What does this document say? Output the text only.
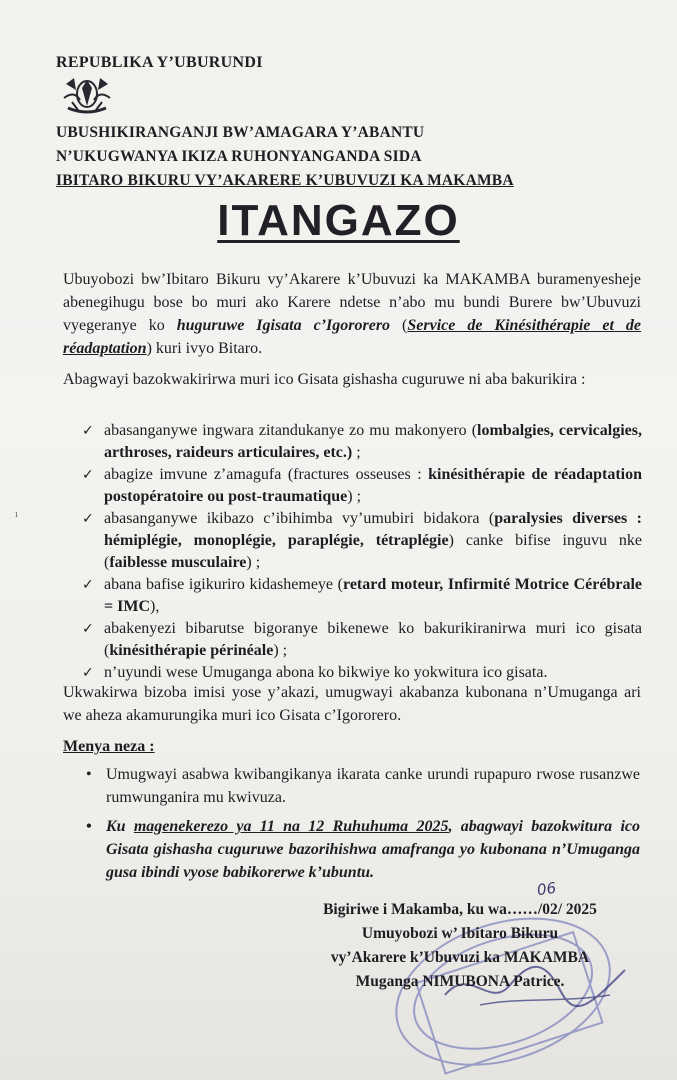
REPUBLIKA Y’UBURUNDI
UBUSHIKIRANGANJI BW’AMAGARA Y’ABANTU
N’UKUGWANYA IKIZA RUHONYANGANDA SIDA
IBITARO BIKURU VY’AKARERE K’UBUVUZI KA MAKAMBA
ITANGAZO
Ubuyobozi bw’Ibitaro Bikuru vy’Akarere k’Ubuvuzi ka MAKAMBA buramenyesheje abenegihugu bose bo muri ako Karere ndetse n’abo mu bundi Burere bw’Ubuvuzi vyegeranye ko huguruwe Igisata c’Igororero (Service de Kinésithérapie et de réadaptation) kuri ivyo Bitaro.
Abagwayi bazokwakirirwa muri ico Gisata gishasha cuguruwe ni aba bakurikira :
✓ abasanganywe ingwara zitandukanye zo mu makonyero (lombalgies, cervicalgies, arthroses, raideurs articulaires, etc.) ;
✓ abagize imvune z’amagufa (fractures osseuses : kinésithérapie de réadaptation postopératoire ou post-traumatique) ;
✓ abasanganywe ikibazo c’ibihimba vy’umubiri bidakora (paralysies diverses : hémiplégie, monoplégie, paraplégie, tétraplégie) canke bifise inguvu nke (faiblesse musculaire) ;
✓ abana bafise igikuriro kidashemeye (retard moteur, Infirmité Motrice Cérébrale = IMC),
✓ abakenyezi bibarutse bigoranye bikenewe ko bakurikiranirwa muri ico gisata (kinésithérapie périnéale) ;
✓ n’uyundi wese Umuganga abona ko bikwiye ko yokwitura ico gisata.
Ukwakirwa bizoba imisi yose y’akazi, umugwayi akabanza kubonana n’Umuganga ari we aheza akamurungika muri ico Gisata c’Igororero.
Menya neza :
• Umugwayi asabwa kwibangikanya ikarata canke urundi rupapuro rwose rusanzwe rumwunganira mu kwivuza.
• Ku magenekerezo ya 11 na 12 Ruhuhuma 2025, abagwayi bazokwitura ico Gisata gishasha cuguruwe bazorihishwa amafranga yo kubonana n’Umuganga gusa ibindi vyose babikorerwe k’ubuntu.
06
Bigiriwe i Makamba, ku wa……/02/ 2025
Umuyobozi w’ Ibitaro Bikuru
vy’Akarere k’Ubuvuzi ka MAKAMBA
Muganga NIMUBONA Patrice.
ı
